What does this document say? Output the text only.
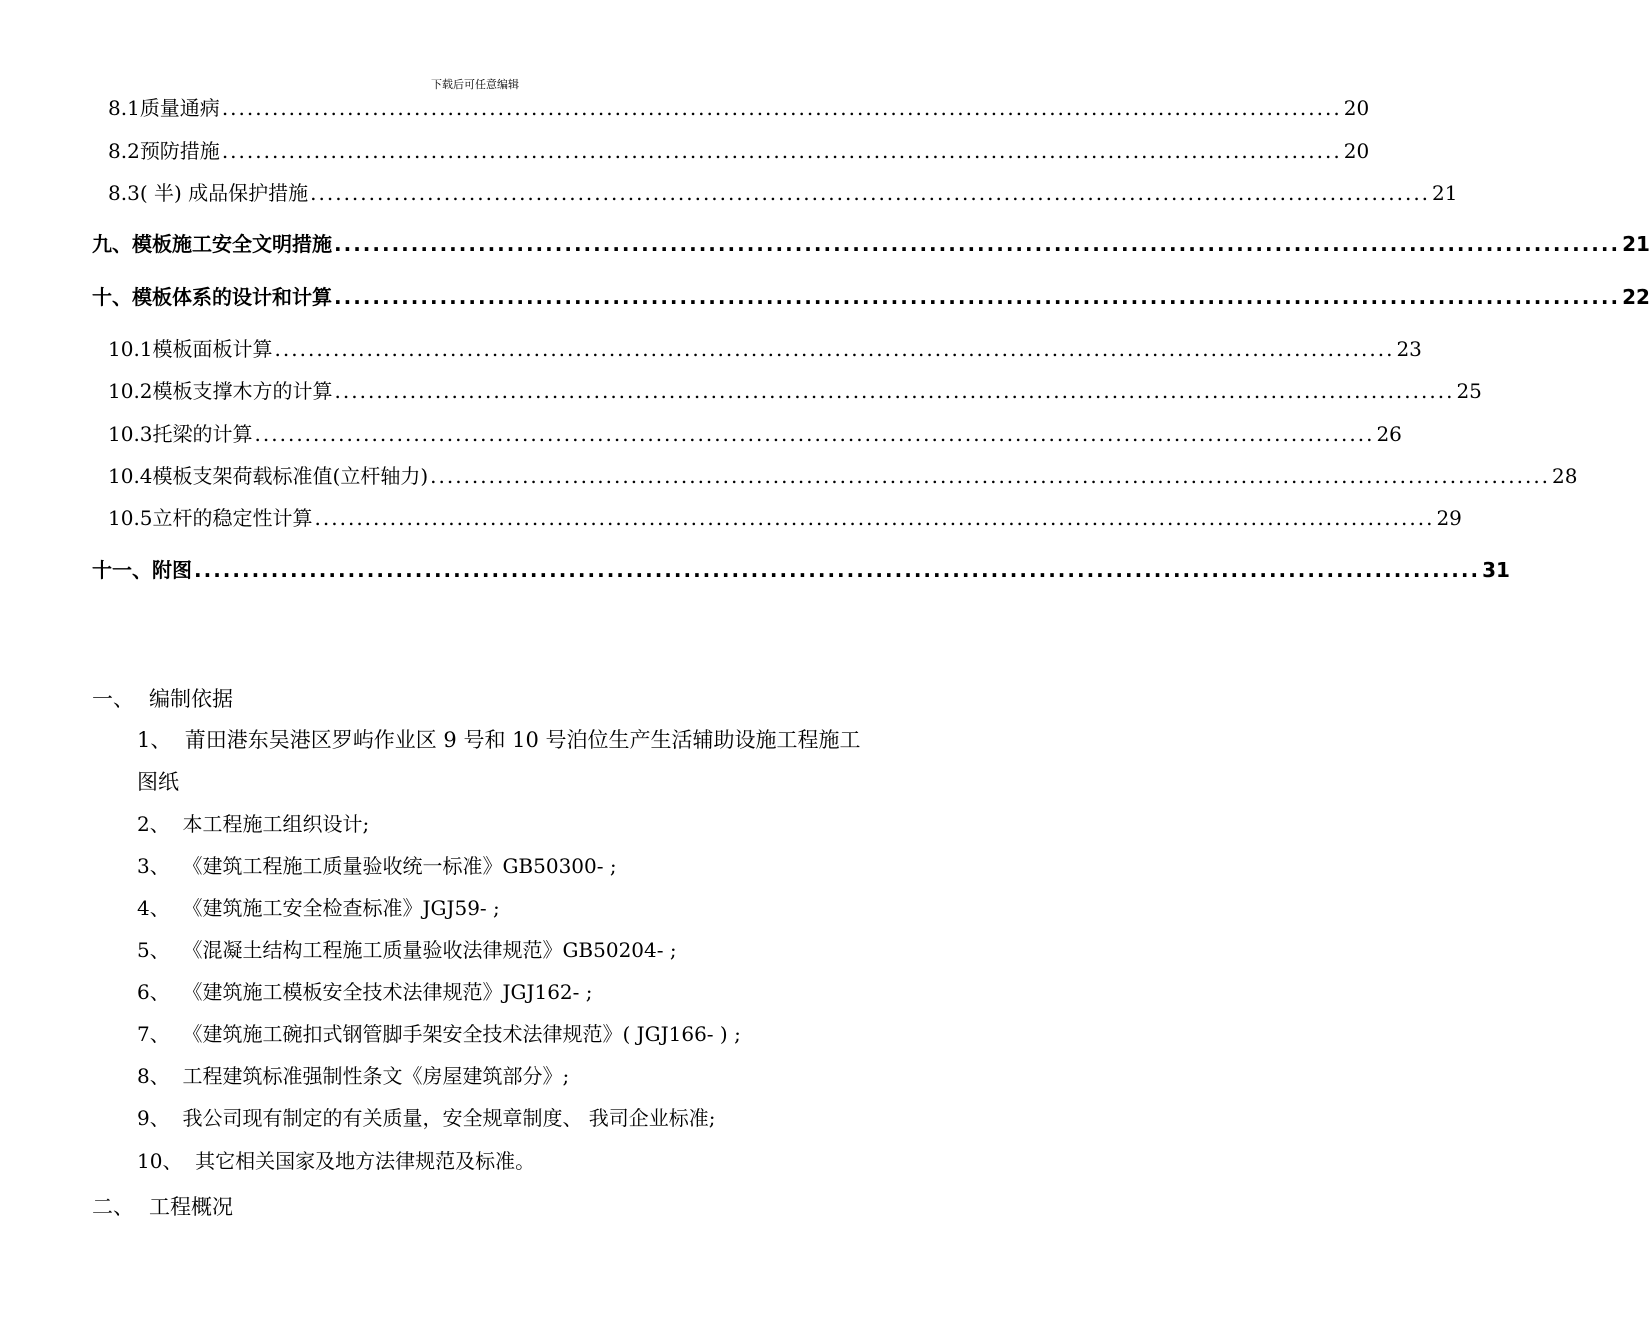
下载后可任意编辑
8.1 质量通病 ...................................................................................................................................... 20
8.2 预防措施 ...................................................................................................................................... 20
8.3 ( 半) 成品保护措施 ...................................................................................................................................... 21
九、 模板施工安全文明措施 ...................................................................................................................................... 21
十、 模板体系的设计和计算 ...................................................................................................................................... 22
10.1 模板面板计算 ...................................................................................................................................... 23
10.2 模板支撑木方的计算 ...................................................................................................................................... 25
10.3 托梁的计算 ...................................................................................................................................... 26
10.4 模板支架荷载标准值(立杆轴力) ...................................................................................................................................... 28
10.5 立杆的稳定性计算 ...................................................................................................................................... 29
十一、 附图 ...................................................................................................................................... 31
一、 编制依据
1、 莆田港东吴港区罗屿作业区 9 号和 10 号泊位生产生活辅助设施工程施工图纸
2、 本工程施工组织设计;
3、 《建筑工程施工质量验收统一标准》GB50300- ;
4、 《建筑施工安全检查标准》JGJ59- ;
5、 《混凝土结构工程施工质量验收法律规范》GB50204- ;
6、 《建筑施工模板安全技术法律规范》JGJ162- ;
7、 《建筑施工碗扣式钢管脚手架安全技术法律规范》( JGJ166- ) ;
8、 工程建筑标准强制性条文《房屋建筑部分》;
9、 我公司现有制定的有关质量，安全规章制度、 我司企业标准;
10、 其它相关国家及地方法律规范及标准。
二、 工程概况
